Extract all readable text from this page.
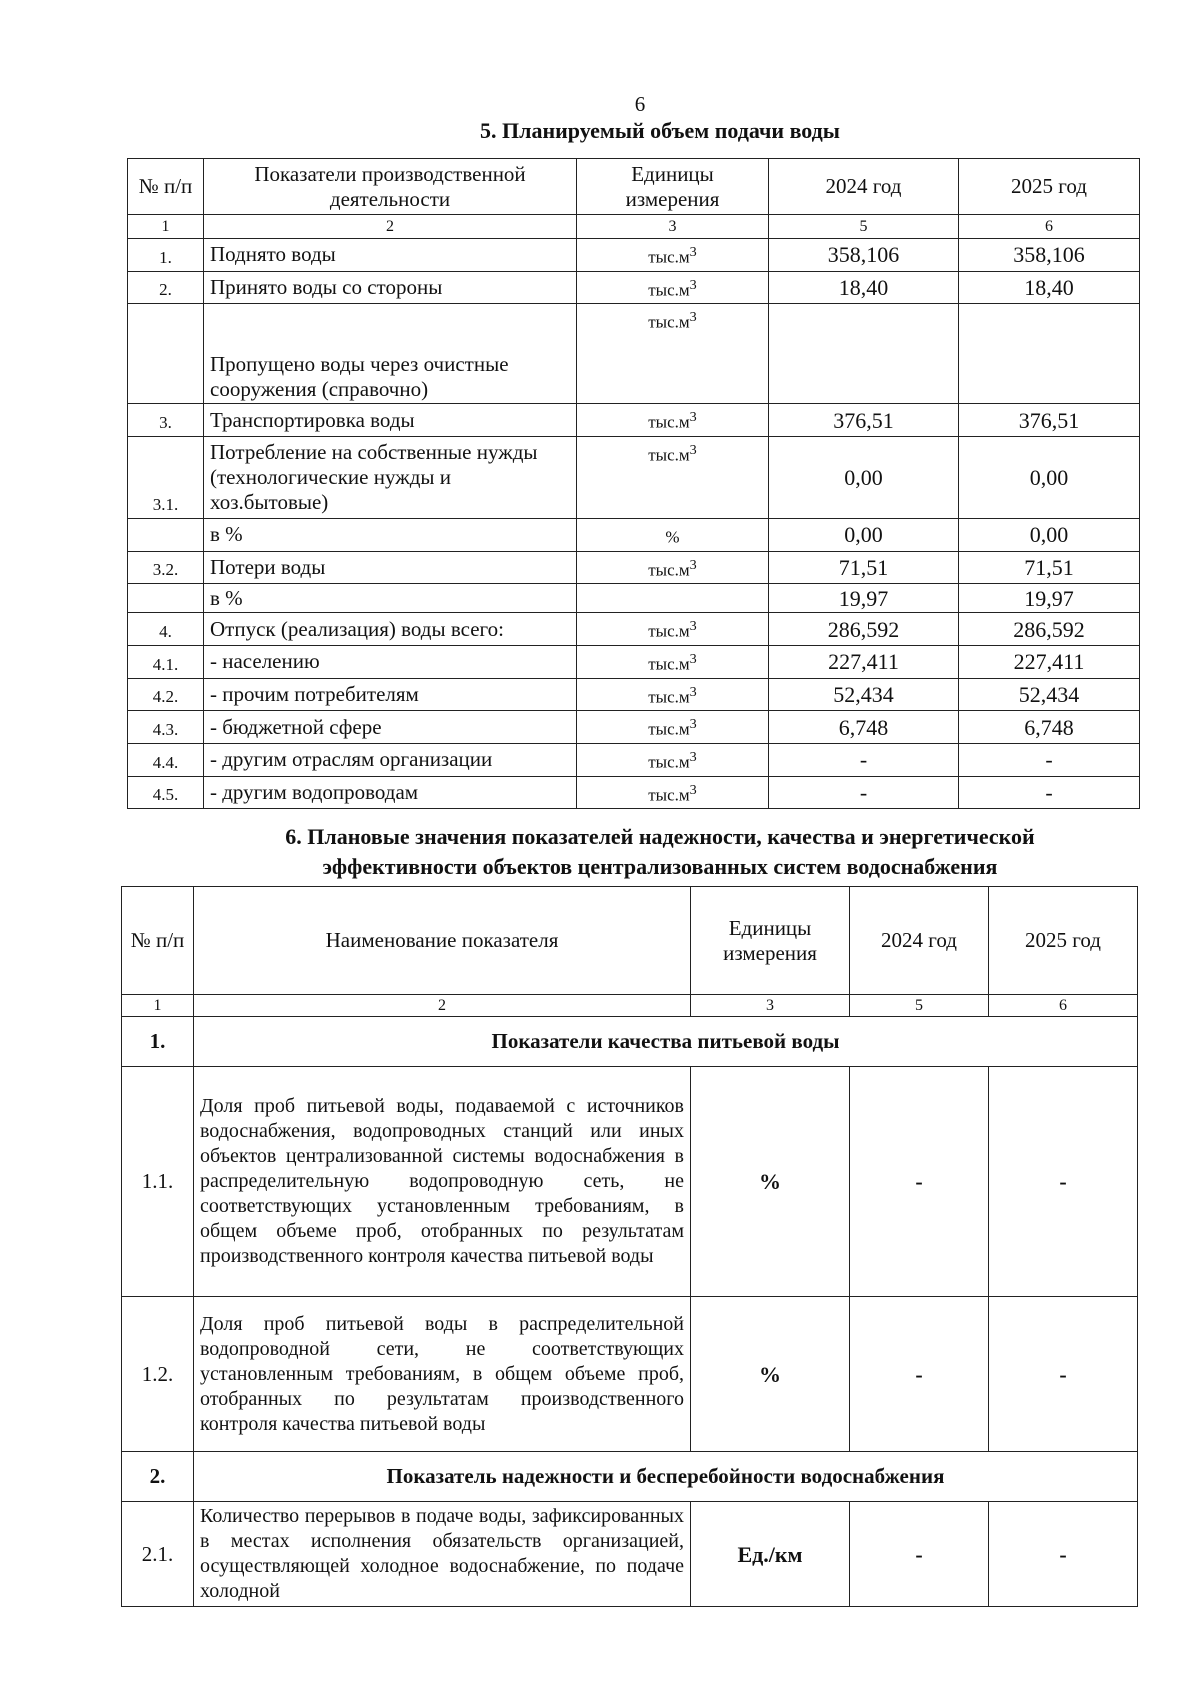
6
5. Планируемый объем подачи воды
№ п/п	Показатели производственной деятельности	Единицы измерения	2024 год	2025 год
1	2	3	5	6
1.	Поднято воды	$тыс.м^3$	358,106	358,106
2.	Принято воды со стороны	$тыс.м^3$	18,40	18,40
	Пропущено воды через очистные сооружения (справочно)	$тыс.м^3$		
3.	Транспортировка воды	$тыс.м^3$	376,51	376,51
3.1.	Потребление на собственные нужды (технологические нужды и хоз.бытовые)	$тыс.м^3$	0,00	0,00
	в %	%	0,00	0,00
3.2.	Потери воды	$тыс.м^3$	71,51	71,51
	в %		19,97	19,97
4.	Отпуск (реализация) воды всего:	$тыс.м^3$	286,592	286,592
4.1.	- населению	$тыс.м^3$	227,411	227,411
4.2.	- прочим потребителям	$тыс.м^3$	52,434	52,434
4.3.	- бюджетной сфере	$тыс.м^3$	6,748	6,748
4.4.	- другим отраслям организации	$тыс.м^3$	-	-
4.5.	- другим водопроводам	$тыс.м^3$	-	-
6. Плановые значения показателей надежности, качества и энергетической
эффективности объектов централизованных систем водоснабжения
№ п/п	Наименование показателя	Единицы измерения	2024 год	2025 год
1	2	3	5	6
1.	Показатели качества питьевой воды			
1.1.	Доля проб питьевой воды, подаваемой с источников водоснабжения, водопроводных станций или иных объектов централизованной системы водоснабжения в распределительную водопроводную сеть, не соответствующих установленным требованиям, в общем объеме проб, отобранных по результатам производственного контроля качества питьевой воды	%	-	-
1.2.	Доля проб питьевой воды в распределительной водопроводной сети, не соответствующих установленным требованиям, в общем объеме проб, отобранных по результатам производственного контроля качества питьевой воды	%	-	-
2.	Показатель надежности и бесперебойности водоснабжения			
2.1.	Количество перерывов в подаче воды, зафиксированных в местах исполнения обязательств организацией, осуществляющей холодное водоснабжение, по подаче холодной	Ед./км	-	-
